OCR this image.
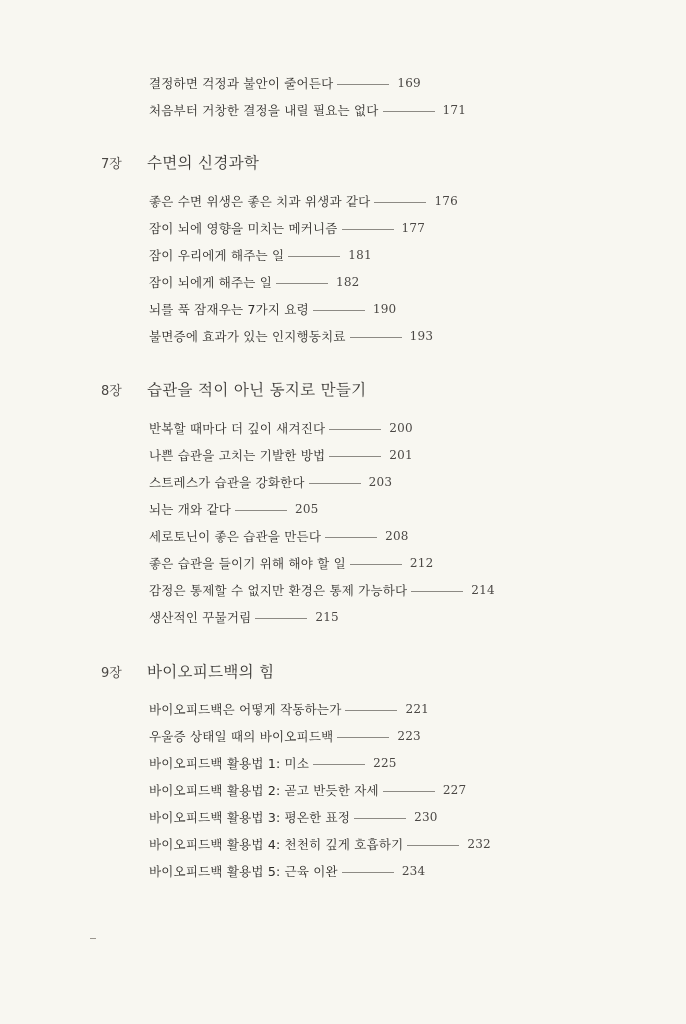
결정하면 걱정과 불안이 줄어든다	169
처음부터 거창한 결정을 내릴 필요는 없다	171
7장	수면의 신경과학
좋은 수면 위생은 좋은 치과 위생과 같다	176
잠이 뇌에 영향을 미치는 메커니즘	177
잠이 우리에게 해주는 일	181
잠이 뇌에게 해주는 일	182
뇌를 푹 잠재우는 7가지 요령	190
불면증에 효과가 있는 인지행동치료	193
8장	습관을 적이 아닌 동지로 만들기
반복할 때마다 더 깊이 새겨진다	200
나쁜 습관을 고치는 기발한 방법	201
스트레스가 습관을 강화한다	203
뇌는 개와 같다	205
세로토닌이 좋은 습관을 만든다	208
좋은 습관을 들이기 위해 해야 할 일	212
감정은 통제할 수 없지만 환경은 통제 가능하다	214
생산적인 꾸물거림	215
9장	바이오피드백의 힘
바이오피드백은 어떻게 작동하는가	221
우울증 상태일 때의 바이오피드백	223
바이오피드백 활용법 1: 미소	225
바이오피드백 활용법 2: 곧고 반듯한 자세	227
바이오피드백 활용법 3: 평온한 표정	230
바이오피드백 활용법 4: 천천히 깊게 호흡하기	232
바이오피드백 활용법 5: 근육 이완	234
